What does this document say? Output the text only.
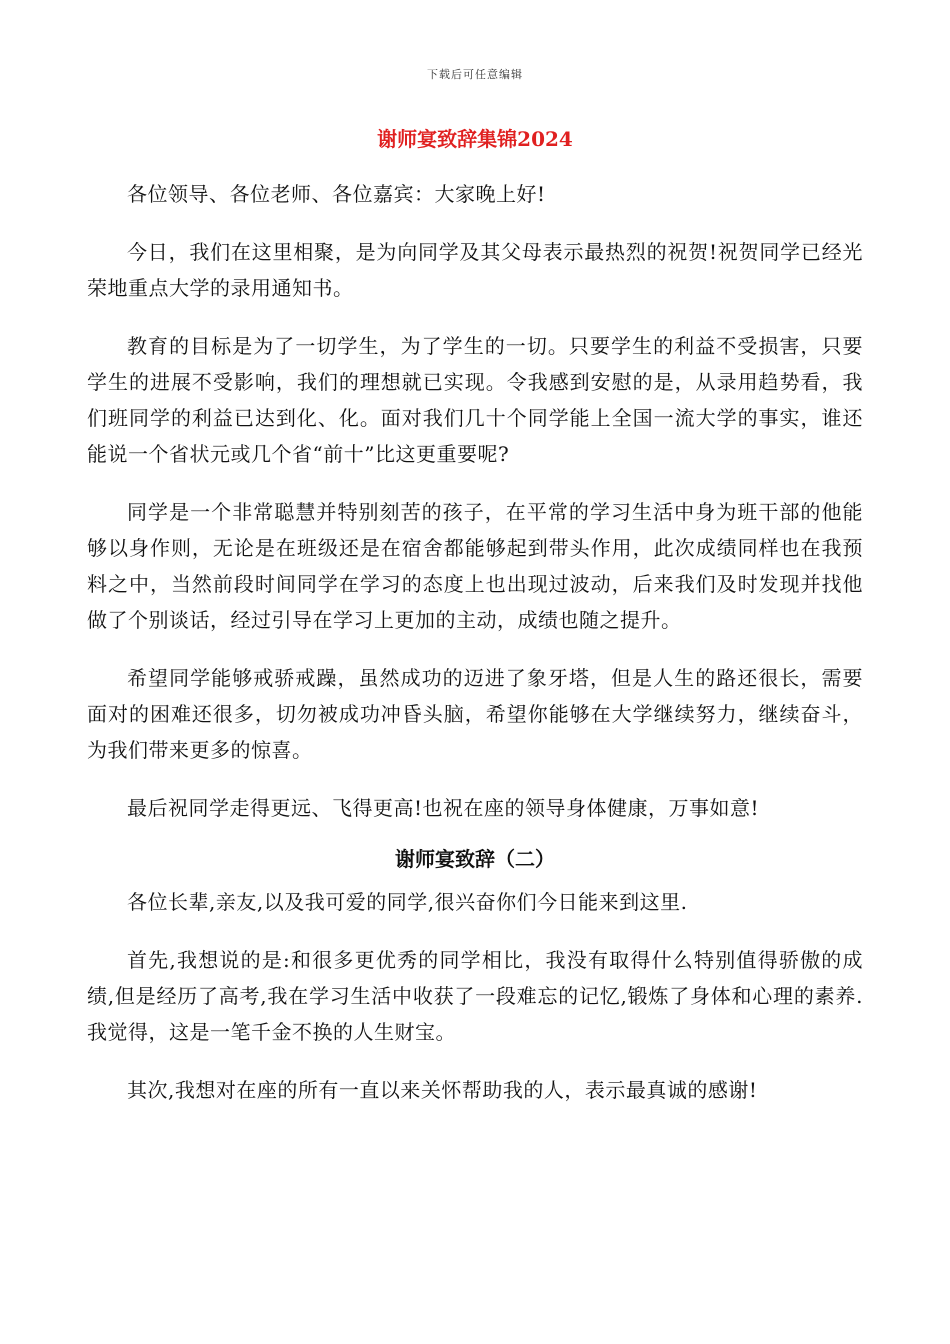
下载后可任意编辑
谢师宴致辞集锦2024

各位领导、各位老师、各位嘉宾：大家晚上好!

今日，我们在这里相聚，是为向同学及其父母表示最热烈的祝贺!祝贺同学已经光荣地重点大学的录用通知书。

教育的目标是为了一切学生，为了学生的一切。只要学生的利益不受损害，只要学生的进展不受影响，我们的理想就已实现。令我感到安慰的是，从录用趋势看，我们班同学的利益已达到化、化。面对我们几十个同学能上全国一流大学的事实，谁还能说一个省状元或几个省“前十”比这更重要呢?

同学是一个非常聪慧并特别刻苦的孩子，在平常的学习生活中身为班干部的他能够以身作则，无论是在班级还是在宿舍都能够起到带头作用，此次成绩同样也在我预料之中，当然前段时间同学在学习的态度上也出现过波动，后来我们及时发现并找他做了个别谈话，经过引导在学习上更加的主动，成绩也随之提升。

希望同学能够戒骄戒躁，虽然成功的迈进了象牙塔，但是人生的路还很长，需要面对的困难还很多，切勿被成功冲昏头脑，希望你能够在大学继续努力，继续奋斗，为我们带来更多的惊喜。

最后祝同学走得更远、飞得更高!也祝在座的领导身体健康，万事如意!

谢师宴致辞（二）

各位长辈,亲友,以及我可爱的同学,很兴奋你们今日能来到这里.

首先,我想说的是:和很多更优秀的同学相比，我没有取得什么特别值得骄傲的成绩,但是经历了高考,我在学习生活中收获了一段难忘的记忆,锻炼了身体和心理的素养.我觉得，这是一笔千金不换的人生财宝。

其次,我想对在座的所有一直以来关怀帮助我的人，表示最真诚的感谢!
